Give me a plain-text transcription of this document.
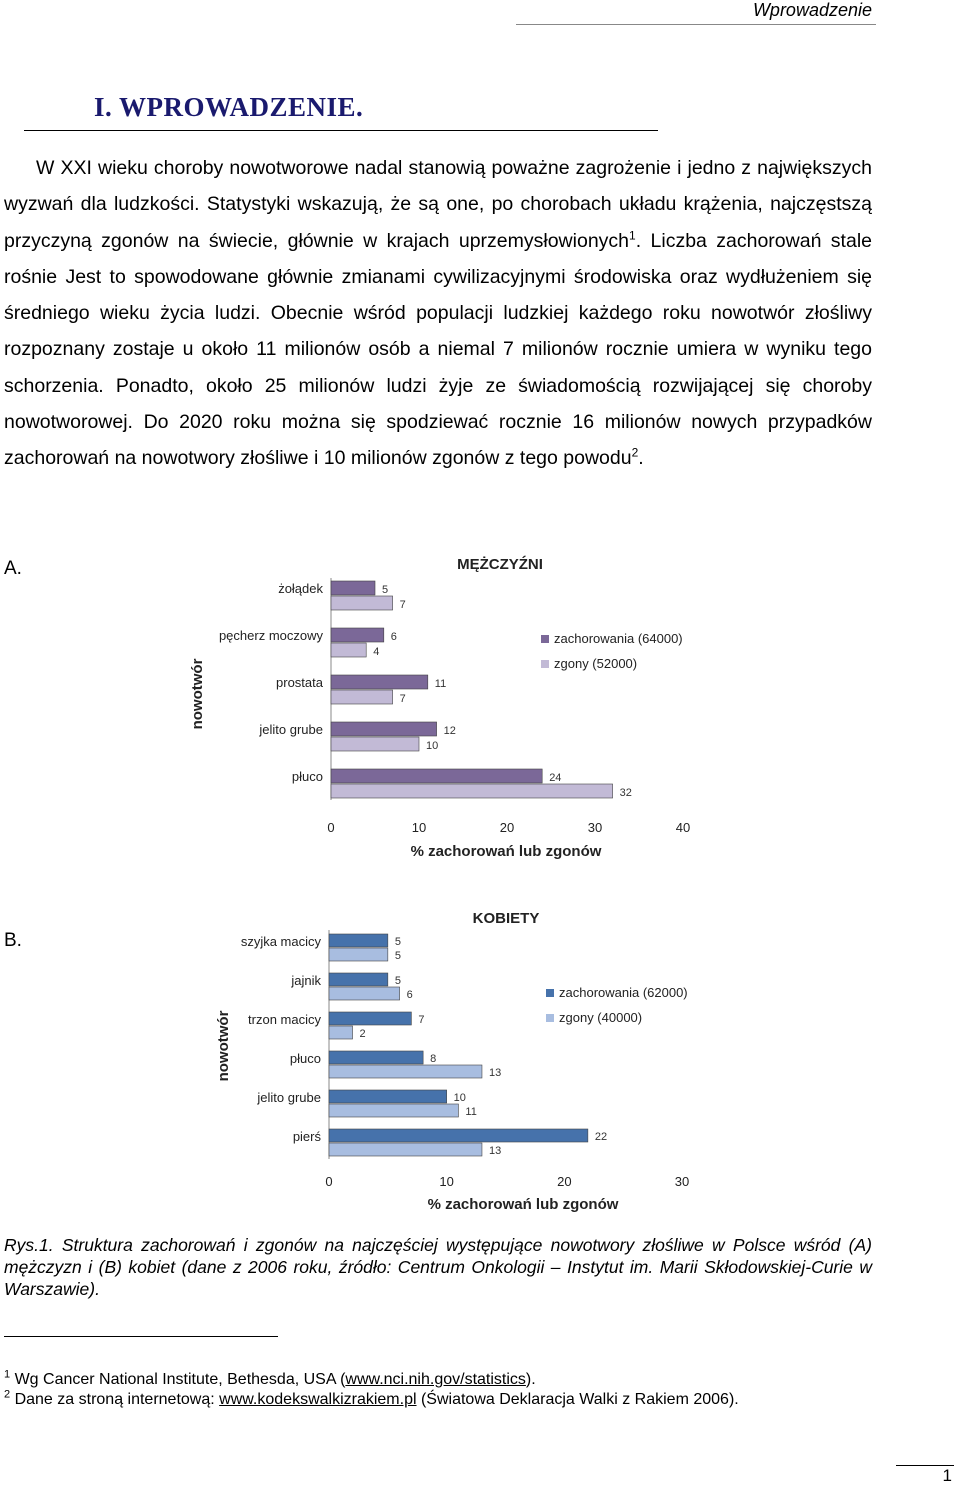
Wprowadzenie
I. WPROWADZENIE.

W XXI wieku choroby nowotworowe nadal stanowią poważne zagrożenie i jedno z największych wyzwań dla ludzkości. Statystyki wskazują, że są one, po chorobach układu krążenia, najczęstszą przyczyną zgonów na świecie, głównie w krajach uprzemysłowionych$^1$. Liczba zachorowań stale rośnie Jest to spowodowane głównie zmianami cywilizacyjnymi środowiska oraz wydłużeniem się średniego wieku życia ludzi. Obecnie wśród populacji ludzkiej każdego roku nowotwór złośliwy rozpoznany zostaje u około 11 milionów osób a niemal 7 milionów rocznie umiera w wyniku tego schorzenia. Ponadto, około 25 milionów ludzi żyje ze świadomością rozwijającej się choroby nowotworowej. Do 2020 roku można się spodziewać rocznie 16 milionów nowych przypadków zachorowań na nowotwory złośliwe i 10 milionów zgonów z tego powodu$^2$.

A.	MĘŻCZYŹNI
nowotwór
żołądek	5
7
pęcherz moczowy	6
4
prostata	11
7
jelito grube	12
10
płuco	24
32
0	10	20	30	40
% zachorowań lub zgonów
zachorowania (64000)
zgony (52000)
B.
KOBIETY
nowotwór
szyjka macicy	5
5
jajnik	5
6
trzon macicy	7
2
płuco	8
13
jelito grube	10
11
pierś	22
13
0	10	20	30
% zachorowań lub zgonów
zachorowania (62000)
zgony (40000)
Rys.1. Struktura zachorowań i zgonów na najczęściej występujące nowotwory złośliwe w Polsce wśród (A) mężczyzn i (B) kobiet (dane z 2006 roku, źródło: Centrum Onkologii – Instytut im. Marii Skłodowskiej-Curie w Warszawie).
$^1$ Wg Cancer National Institute, Bethesda, USA (www.nci.nih.gov/statistics).
$^2$ Dane za stroną internetową: www.kodekswalkizrakiem.pl (Światowa Deklaracja Walki z Rakiem 2006).
1
